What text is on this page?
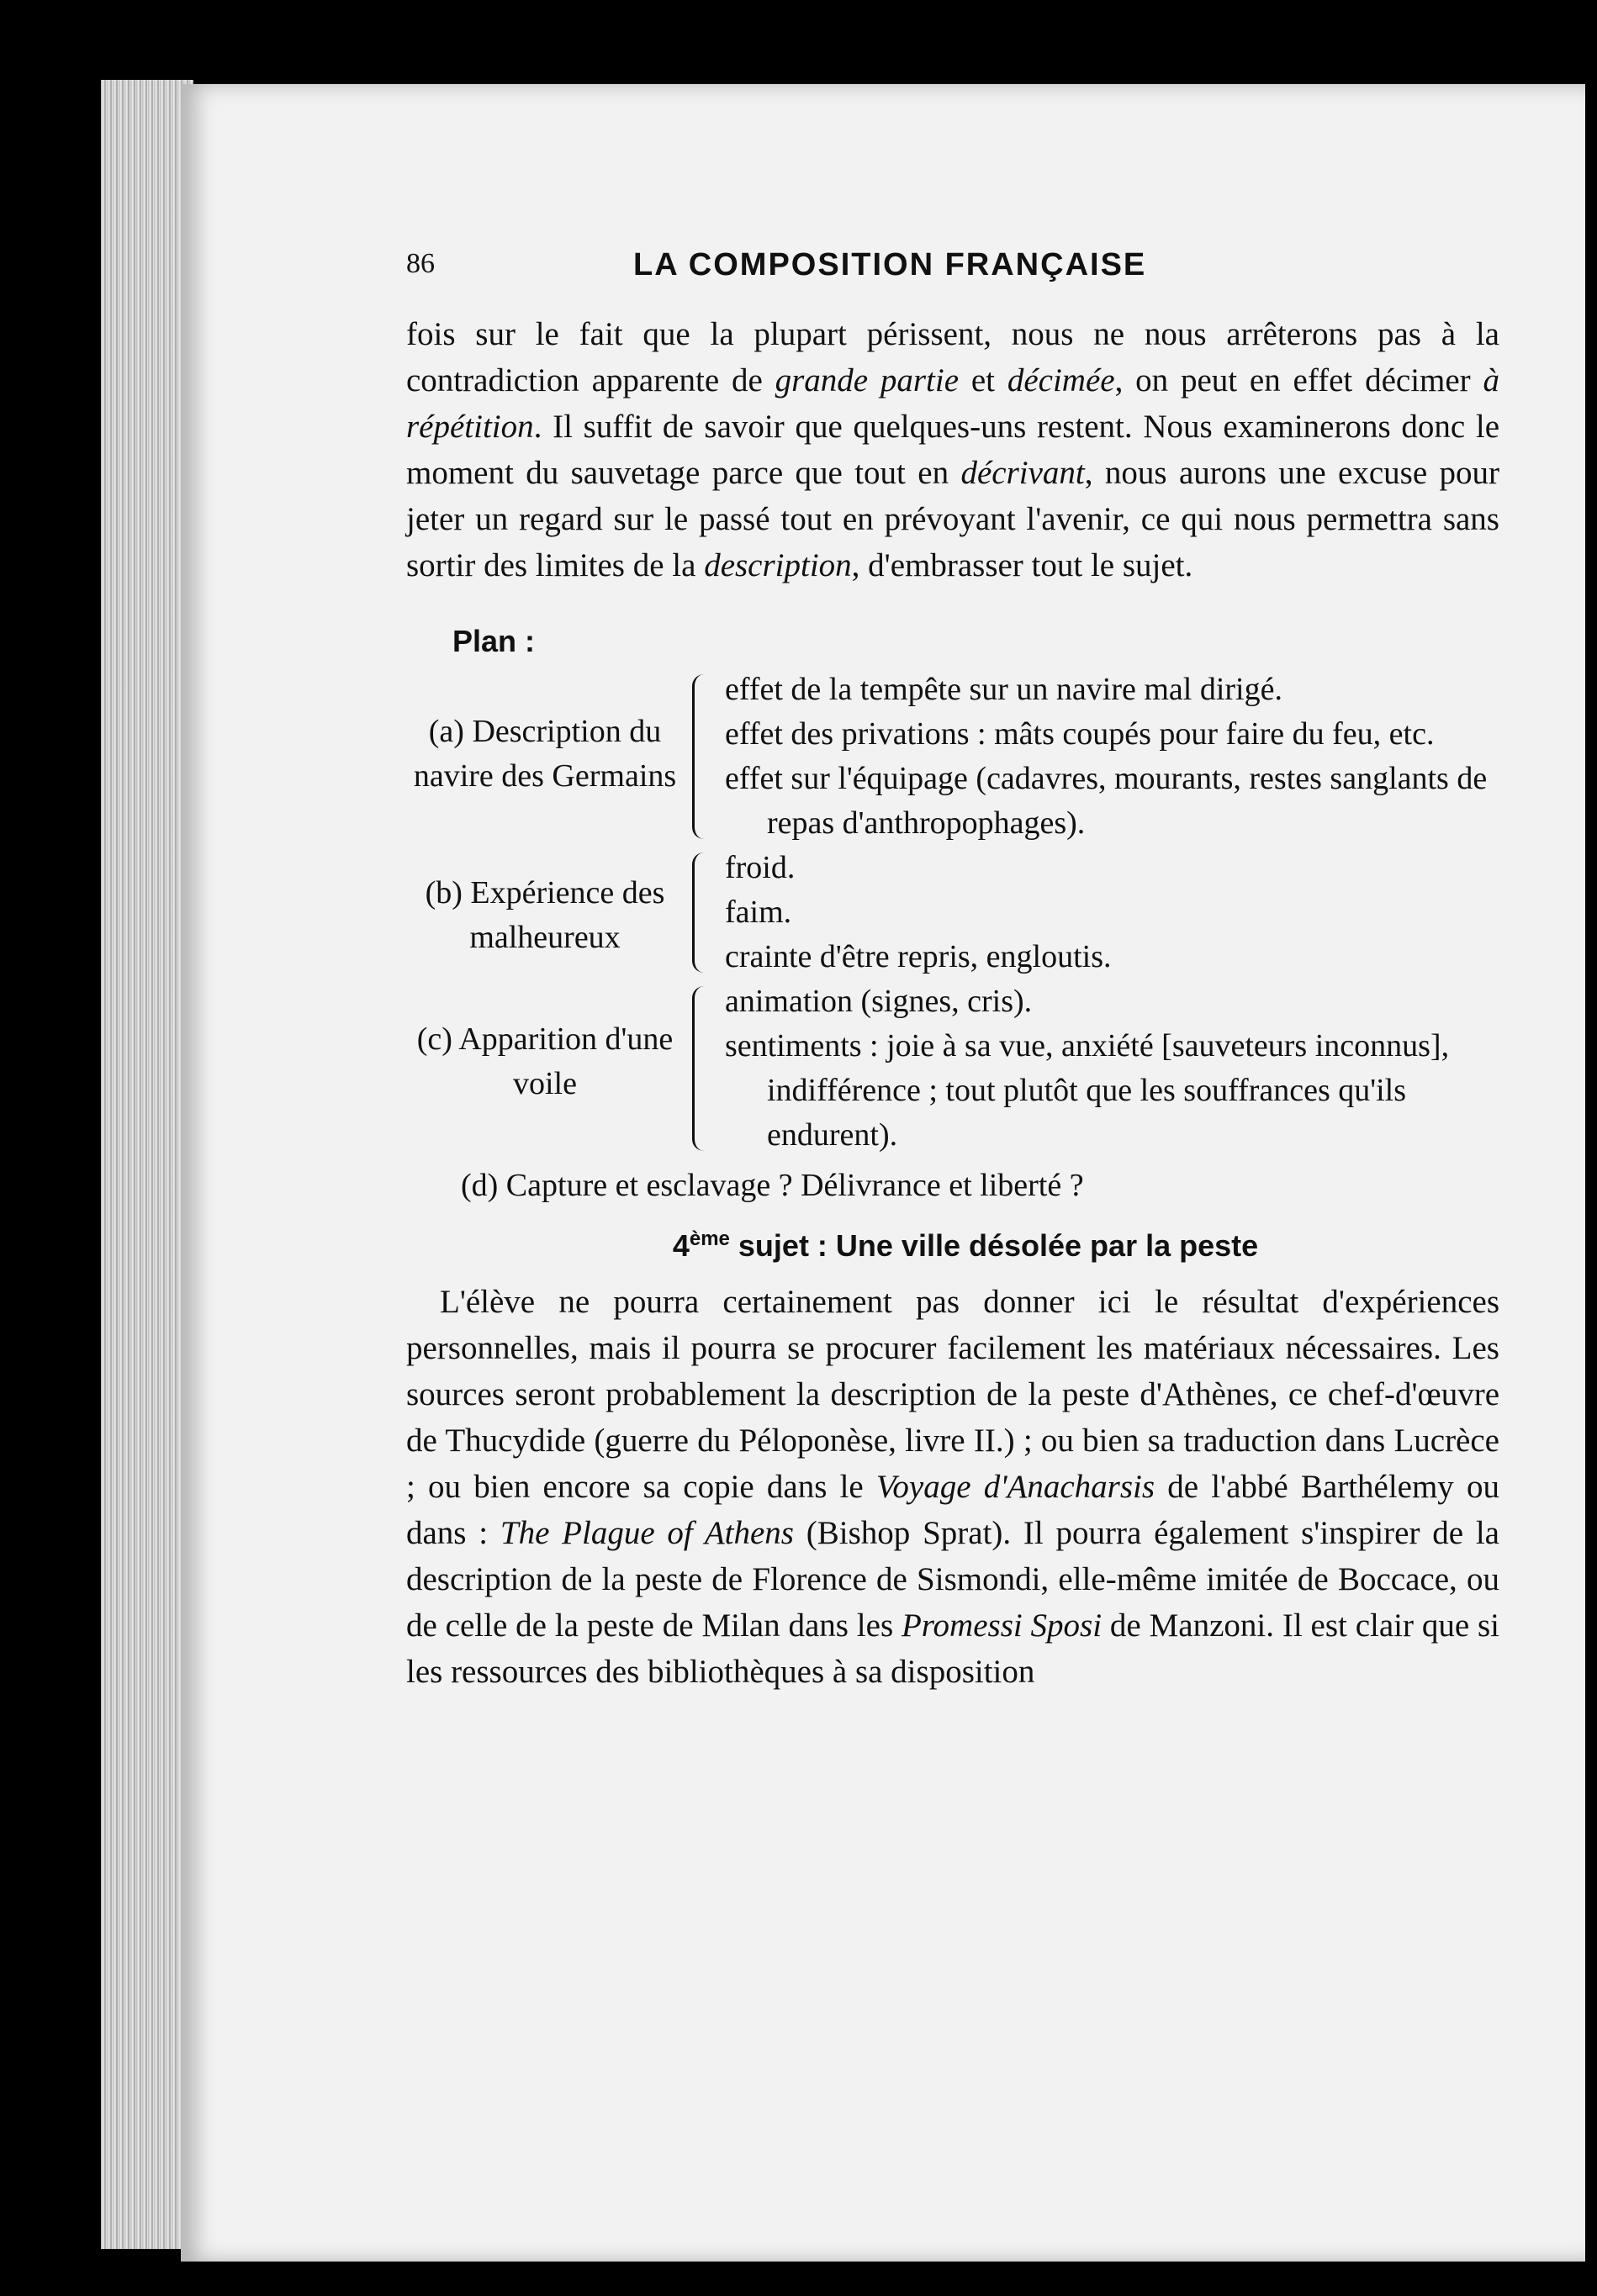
86	LA COMPOSITION FRANÇAISE

fois sur le fait que la plupart périssent, nous ne nous arrêterons pas à la contradiction apparente de grande partie et décimée, on peut en effet décimer à répétition. Il suffit de savoir que quelques-uns restent. Nous examinerons donc le moment du sauvetage parce que tout en décrivant, nous aurons une excuse pour jeter un regard sur le passé tout en prévoyant l'avenir, ce qui nous permettra sans sortir des limites de la description, d'embrasser tout le sujet.

Plan :
(a) Description du navire des Germains
effet de la tempête sur un navire mal dirigé.
effet des privations : mâts coupés pour faire du feu, etc.
effet sur l'équipage (cadavres, mourants, restes sanglants de repas d'anthropophages).
(b) Expérience des malheureux
froid.
faim.
crainte d'être repris, engloutis.
(c) Apparition d'une voile
animation (signes, cris).
sentiments : joie à sa vue, anxiété [sauveteurs inconnus], indifférence ; tout plutôt que les souffrances qu'ils endurent).
(d) Capture et esclavage ? Délivrance et liberté ?
4ème sujet : Une ville désolée par la peste

L'élève ne pourra certainement pas donner ici le résultat d'expériences personnelles, mais il pourra se procurer facilement les matériaux nécessaires. Les sources seront probablement la description de la peste d'Athènes, ce chef-d'œuvre de Thucydide (guerre du Péloponèse, livre II.) ; ou bien sa traduction dans Lucrèce ; ou bien encore sa copie dans le Voyage d'Anacharsis de l'abbé Barthélemy ou dans : The Plague of Athens (Bishop Sprat). Il pourra également s'inspirer de la description de la peste de Florence de Sismondi, elle-même imitée de Boccace, ou de celle de la peste de Milan dans les Promessi Sposi de Manzoni. Il est clair que si les ressources des bibliothèques à sa disposition
